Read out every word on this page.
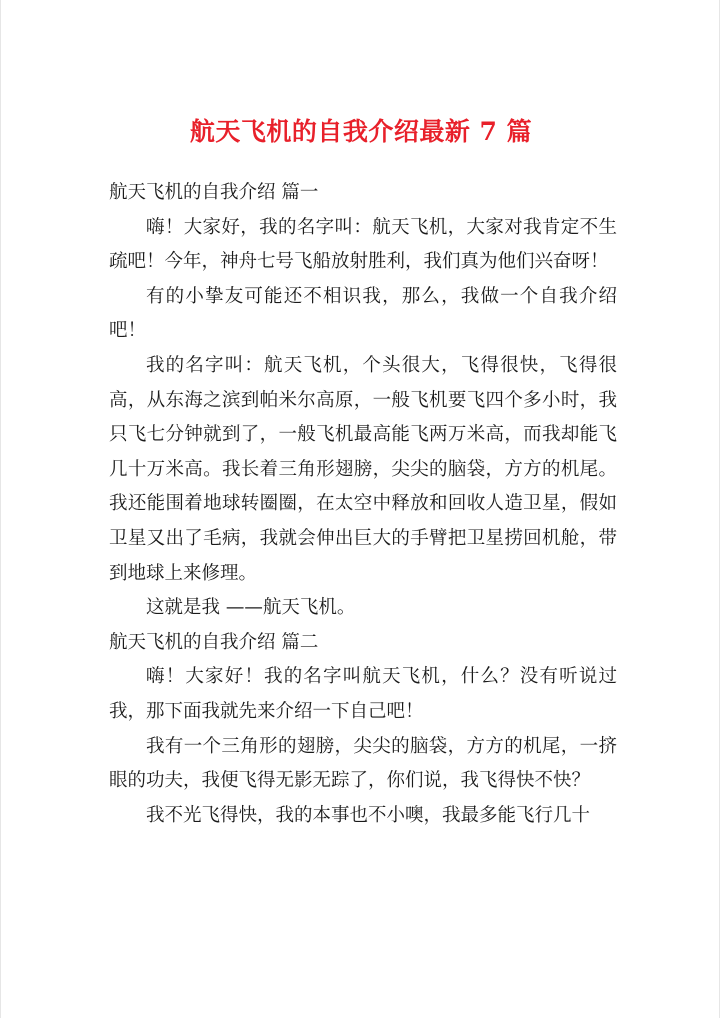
航天飞机的自我介绍最新 7 篇

航天飞机的自我介绍 篇一

嗨！大家好，我的名字叫：航天飞机，大家对我肯定不生疏吧！今年，神舟七号飞船放射胜利，我们真为他们兴奋呀！

有的小挚友可能还不相识我，那么，我做一个自我介绍吧！

我的名字叫：航天飞机，个头很大，飞得很快，飞得很高，从东海之滨到帕米尔高原，一般飞机要飞四个多小时，我只飞七分钟就到了，一般飞机最高能飞两万米高，而我却能飞几十万米高。我长着三角形翅膀，尖尖的脑袋，方方的机尾。我还能围着地球转圈圈，在太空中释放和回收人造卫星，假如卫星又出了毛病，我就会伸出巨大的手臂把卫星捞回机舱，带到地球上来修理。

这就是我 ——航天飞机。

航天飞机的自我介绍 篇二

嗨！大家好！我的名字叫航天飞机，什么？没有听说过我，那下面我就先来介绍一下自己吧！

我有一个三角形的翅膀，尖尖的脑袋，方方的机尾，一挤眼的功夫，我便飞得无影无踪了，你们说，我飞得快不快？

我不光飞得快，我的本事也不小噢，我最多能飞行几十
